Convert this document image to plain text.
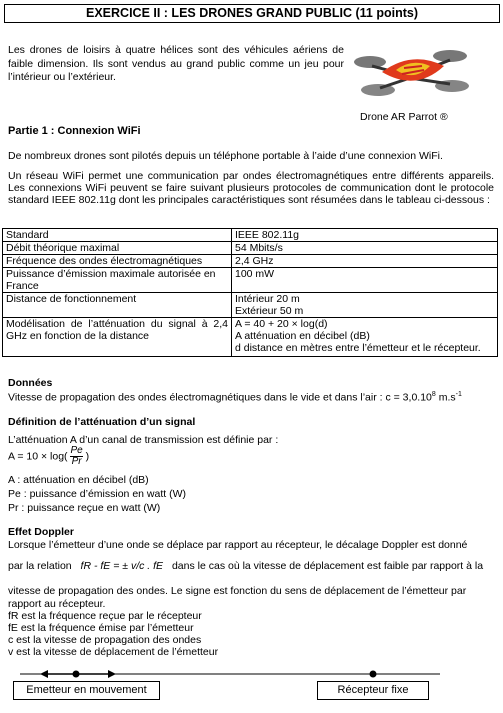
EXERCICE II : LES DRONES GRAND PUBLIC (11 points)
Les drones de loisirs à quatre hélices sont des véhicules aériens de faible dimension. Ils sont vendus au grand public comme un jeu pour l’intérieur ou l’extérieur.
Drone AR Parrot ®
Partie 1 : Connexion WiFi
De nombreux drones sont pilotés depuis un téléphone portable à l’aide d’une connexion WiFi.
Un réseau WiFi permet une communication par ondes électromagnétiques entre différents appareils. Les connexions WiFi peuvent se faire suivant plusieurs protocoles de communication dont le protocole standard IEEE 802.11g dont les principales caractéristiques sont résumées dans le tableau ci-dessous :
Standard	IEEE 802.11g
Débit théorique maximal	54 Mbits/s
Fréquence des ondes électromagnétiques	2,4 GHz
Puissance d’émission maximale autorisée en France	100 mW
Distance de fonctionnement	Intérieur 20 m
Extérieur 50 m

Modélisation de l’atténuation du signal à 2,4 GHz en fonction de la distance	A = 40 + 20 × log(d)
A atténuation en décibel (dB)
d distance en mètres entre l’émetteur et le récepteur.
Données
Vitesse de propagation des ondes électromagnétiques dans le vide et dans l’air : $c = 3,0.10^8$ $m.s^{-1}$
Définition de l’atténuation d’un signal
L’atténuation A d’un canal de transmission est définie par :
$A = 10 \times \log( \frac{Pe}{Pr}$ )
A : atténuation en décibel (dB)
Pe : puissance d’émission en watt (W)
Pr : puissance reçue en watt (W)
Effet Doppler
Lorsque l’émetteur d’une onde se déplace par rapport au récepteur, le décalage Doppler est donné
par la relation fR - fE = ± v/c . fE dans le cas où la vitesse de déplacement est faible par rapport à la
vitesse de propagation des ondes. Le signe est fonction du sens de déplacement de l’émetteur par rapport au récepteur.
fR est la fréquence reçue par le récepteur
fE est la fréquence émise par l’émetteur
c est la vitesse de propagation des ondes
v est la vitesse de déplacement de l’émetteur
Emetteur en mouvement	Récepteur fixe
